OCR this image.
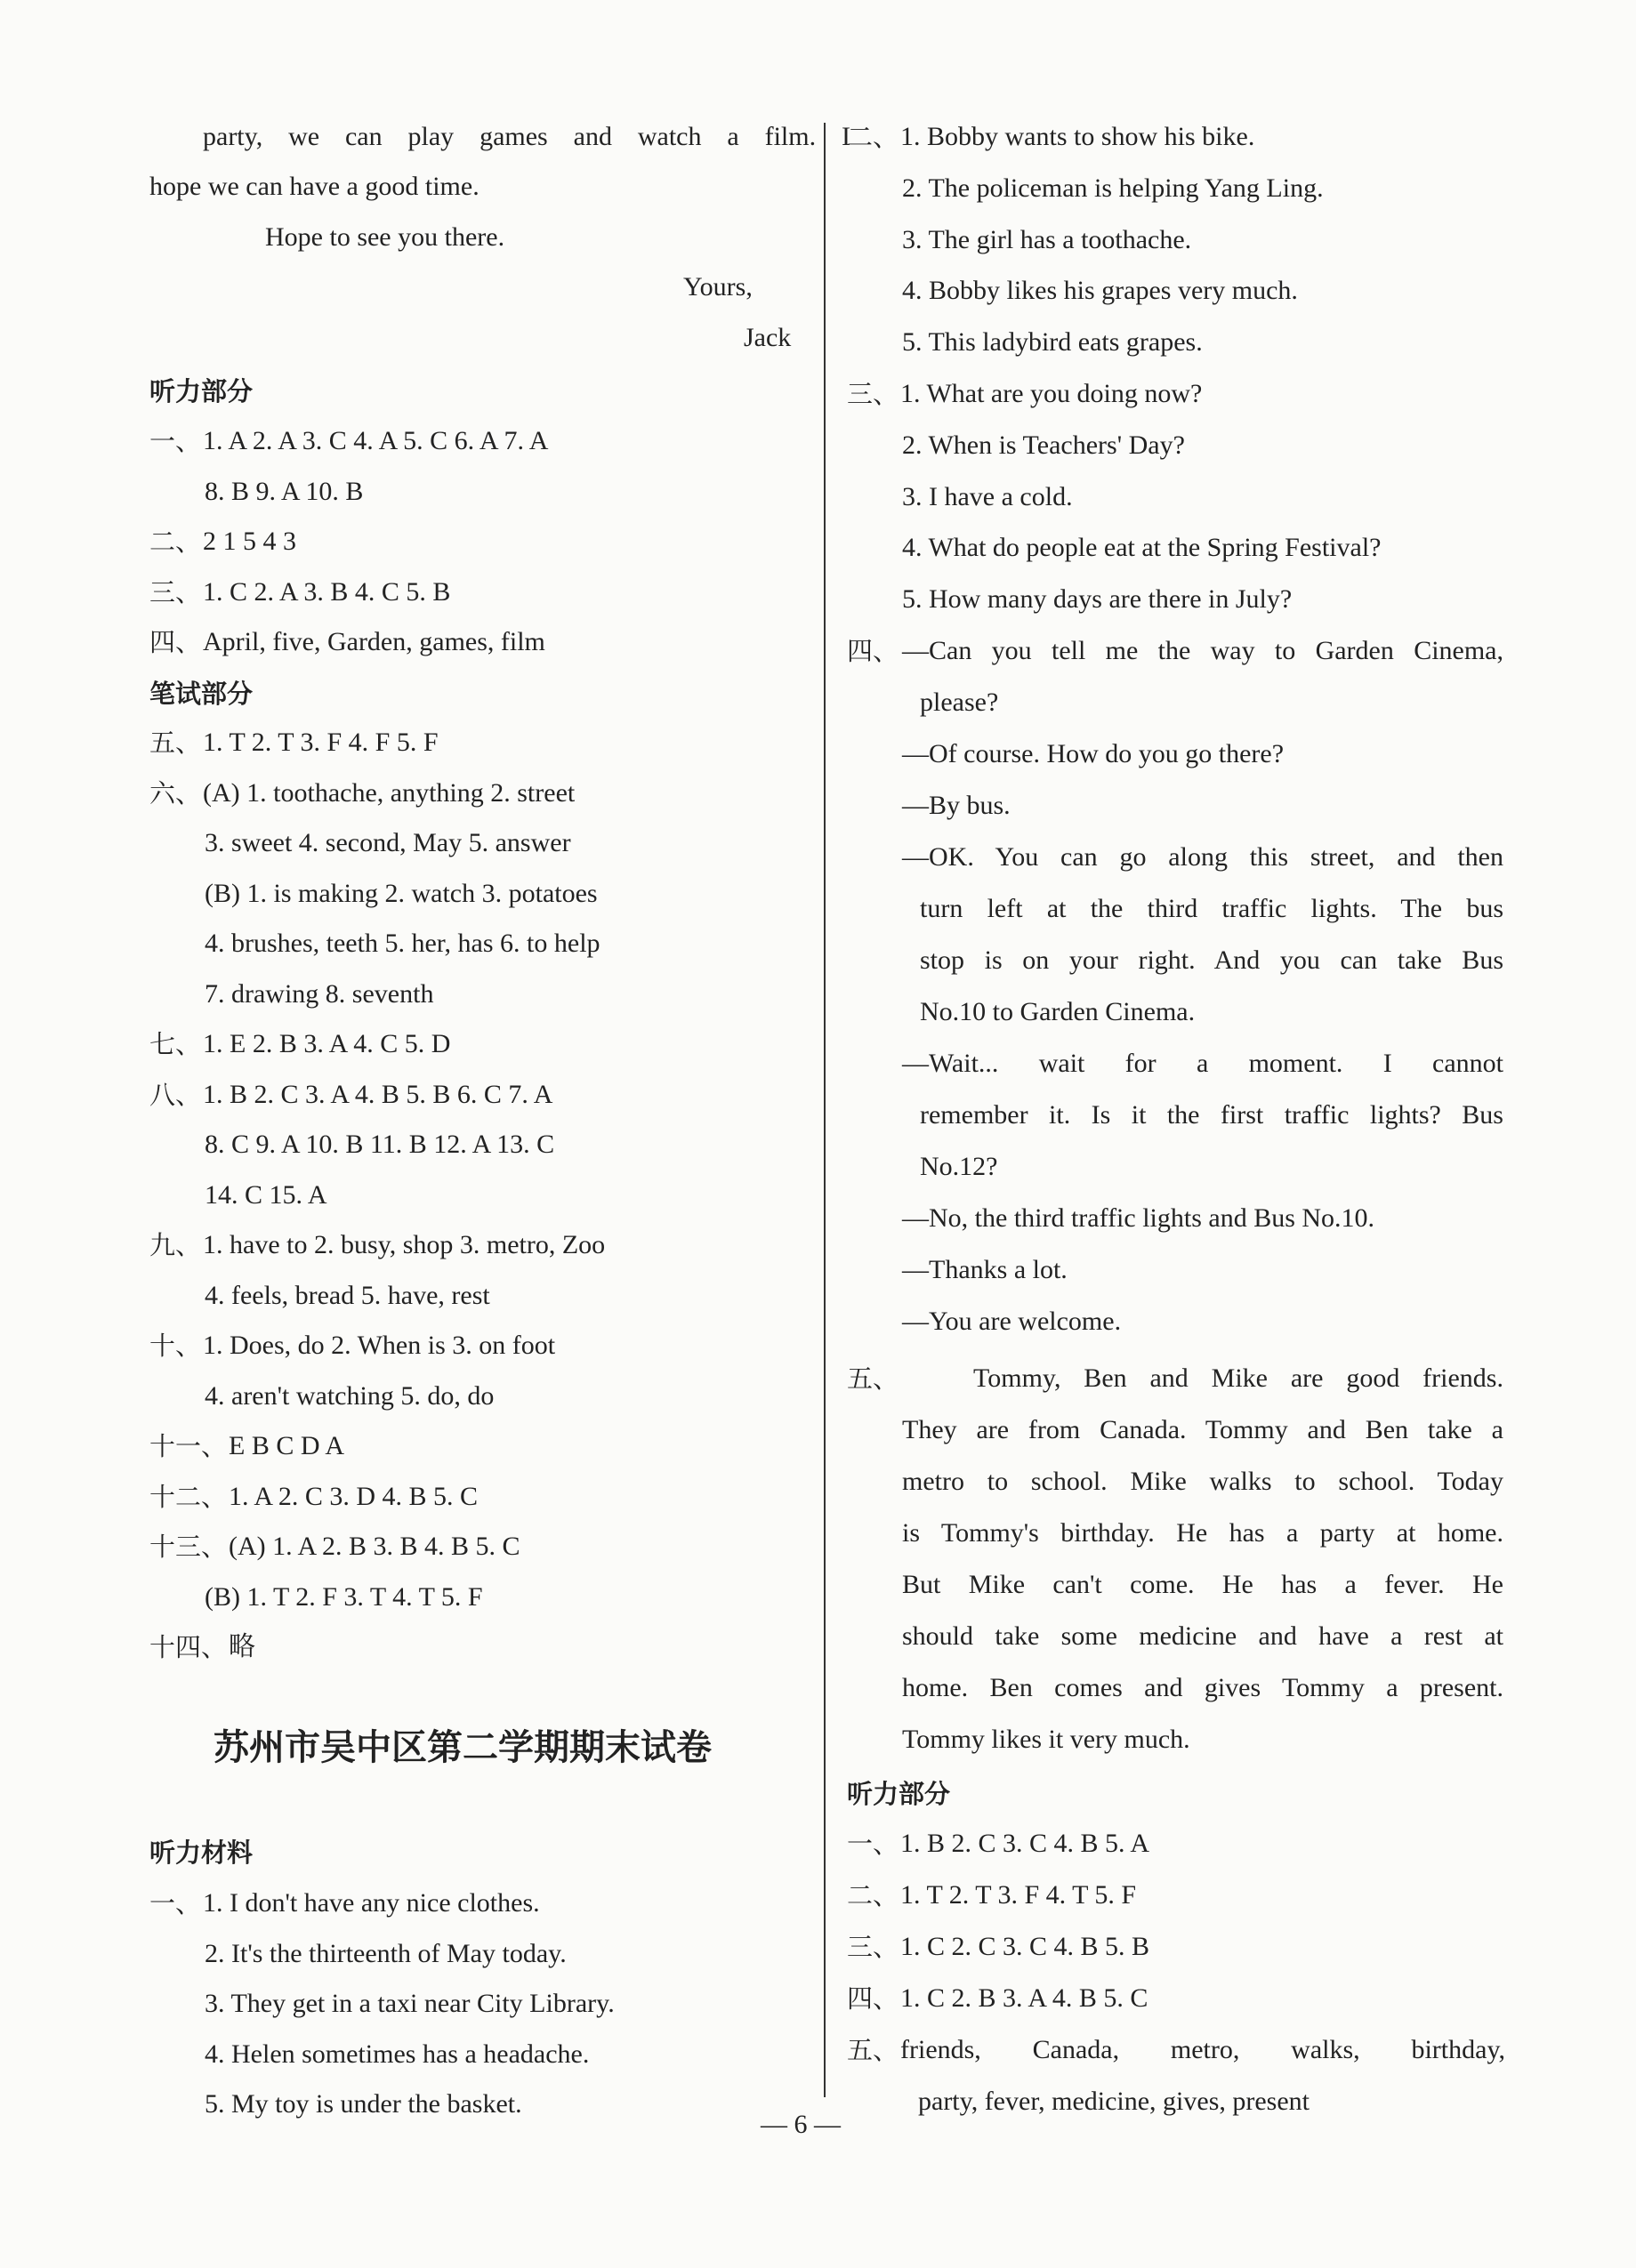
party, we can play games and watch a film. I
hope we can have a good time.
Hope to see you there.
Yours,
Jack
听力部分
一、 1. A 2. A 3. C 4. A 5. C 6. A 7. A
8. B 9. A 10. B
二、 2 1 5 4 3
三、 1. C 2. A 3. B 4. C 5. B
四、 April, five, Garden, games, film
笔试部分
五、 1. T 2. T 3. F 4. F 5. F
六、 (A) 1. toothache, anything 2. street
3. sweet 4. second, May 5. answer
(B) 1. is making 2. watch 3. potatoes
4. brushes, teeth 5. her, has 6. to help
7. drawing 8. seventh
七、 1. E 2. B 3. A 4. C 5. D
八、 1. B 2. C 3. A 4. B 5. B 6. C 7. A
8. C 9. A 10. B 11. B 12. A 13. C
14. C 15. A
九、 1. have to 2. busy, shop 3. metro, Zoo
4. feels, bread 5. have, rest
十、 1. Does, do 2. When is 3. on foot
4. aren't watching 5. do, do
十一、 E B C D A
十二、 1. A 2. C 3. D 4. B 5. C
十三、 (A) 1. A 2. B 3. B 4. B 5. C
(B) 1. T 2. F 3. T 4. T 5. F
十四、 略
苏州市吴中区第二学期期末试卷
听力材料
一、 1. I don't have any nice clothes.
2. It's the thirteenth of May today.
3. They get in a taxi near City Library.
4. Helen sometimes has a headache.
5. My toy is under the basket.
二、 1. Bobby wants to show his bike.
2. The policeman is helping Yang Ling.
3. The girl has a toothache.
4. Bobby likes his grapes very much.
5. This ladybird eats grapes.
三、 1. What are you doing now?
2. When is Teachers' Day?
3. I have a cold.
4. What do people eat at the Spring Festival?
5. How many days are there in July?
四、 —Can you tell me the way to Garden Cinema,
please?
—Of course. How do you go there?
—By bus.
—OK. You can go along this street, and then
turn left at the third traffic lights. The bus
stop is on your right. And you can take Bus
No.10 to Garden Cinema.
—Wait... wait for a moment. I cannot
remember it. Is it the first traffic lights? Bus
No.12?
—No, the third traffic lights and Bus No.10.
—Thanks a lot.
—You are welcome.
五、	Tommy, Ben and Mike are good friends.
They are from Canada. Tommy and Ben take a
metro to school. Mike walks to school. Today
is Tommy's birthday. He has a party at home.
But Mike can't come. He has a fever. He
should take some medicine and have a rest at
home. Ben comes and gives Tommy a present.
Tommy likes it very much.
听力部分
一、 1. B 2. C 3. C 4. B 5. A
二、 1. T 2. T 3. F 4. T 5. F
三、 1. C 2. C 3. C 4. B 5. B
四、 1. C 2. B 3. A 4. B 5. C
五、 friends, Canada, metro, walks, birthday,
party, fever, medicine, gives, present
— 6 —
